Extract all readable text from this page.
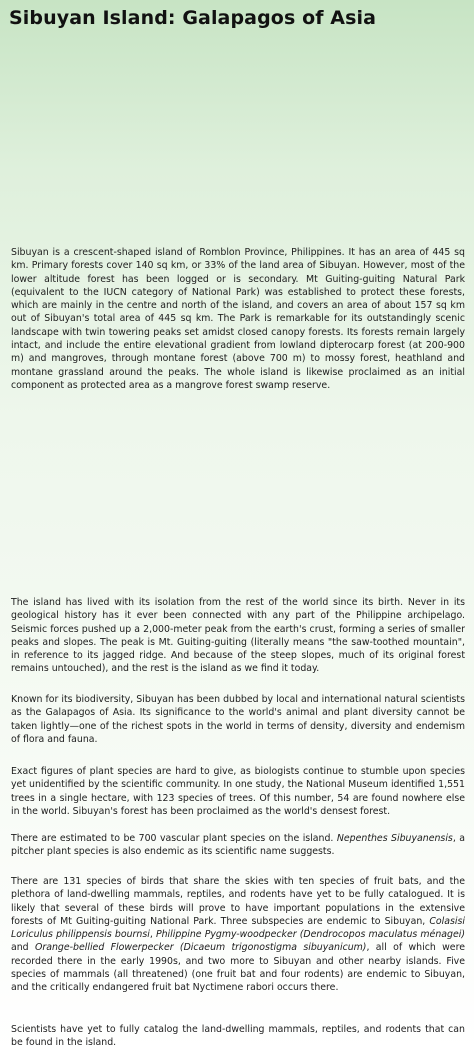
Sibuyan Island: Galapagos of Asia

Sibuyan is a crescent-shaped island of Romblon Province, Philippines. It has an area of 445 sq km. Primary forests cover 140 sq km, or 33% of the land area of Sibuyan. However, most of the lower altitude forest has been logged or is secondary. Mt Guiting-guiting Natural Park (equivalent to the IUCN category of National Park) was established to protect these forests, which are mainly in the centre and north of the island, and covers an area of about 157 sq km out of Sibuyan's total area of 445 sq km. The Park is remarkable for its outstandingly scenic landscape with twin towering peaks set amidst closed canopy forests. Its forests remain largely intact, and include the entire elevational gradient from lowland dipterocarp forest (at 200-900 m) and mangroves, through montane forest (above 700 m) to mossy forest, heathland and montane grassland around the peaks. The whole island is likewise proclaimed as an initial component as protected area as a mangrove forest swamp reserve.

The island has lived with its isolation from the rest of the world since its birth. Never in its geological history has it ever been connected with any part of the Philippine archipelago. Seismic forces pushed up a 2,000-meter peak from the earth's crust, forming a series of smaller peaks and slopes. The peak is Mt. Guiting-guiting (literally means "the saw-toothed mountain", in reference to its jagged ridge. And because of the steep slopes, much of its original forest remains untouched), and the rest is the island as we find it today.

Known for its biodiversity, Sibuyan has been dubbed by local and international natural scientists as the Galapagos of Asia. Its significance to the world's animal and plant diversity cannot be taken lightly—one of the richest spots in the world in terms of density, diversity and endemism of flora and fauna.

Exact figures of plant species are hard to give, as biologists continue to stumble upon species yet unidentified by the scientific community. In one study, the National Museum identified 1,551 trees in a single hectare, with 123 species of trees. Of this number, 54 are found nowhere else in the world. Sibuyan's forest has been proclaimed as the world's densest forest.

There are estimated to be 700 vascular plant species on the island. Nepenthes Sibuyanensis, a pitcher plant species is also endemic as its scientific name suggests.

There are 131 species of birds that share the skies with ten species of fruit bats, and the plethora of land-dwelling mammals, reptiles, and rodents have yet to be fully catalogued. It is likely that several of these birds will prove to have important populations in the extensive forests of Mt Guiting-guiting National Park. Three subspecies are endemic to Sibuyan, Colasisi Loriculus philippensis bournsi, Philippine Pygmy-woodpecker (Dendrocopos maculatus ménagei) and Orange-bellied Flowerpecker (Dicaeum trigonostigma sibuyanicum), all of which were recorded there in the early 1990s, and two more to Sibuyan and other nearby islands. Five species of mammals (all threatened) (one fruit bat and four rodents) are endemic to Sibuyan, and the critically endangered fruit bat Nyctimene rabori occurs there.

Scientists have yet to fully catalog the land-dwelling mammals, reptiles, and rodents that can be found in the island.
